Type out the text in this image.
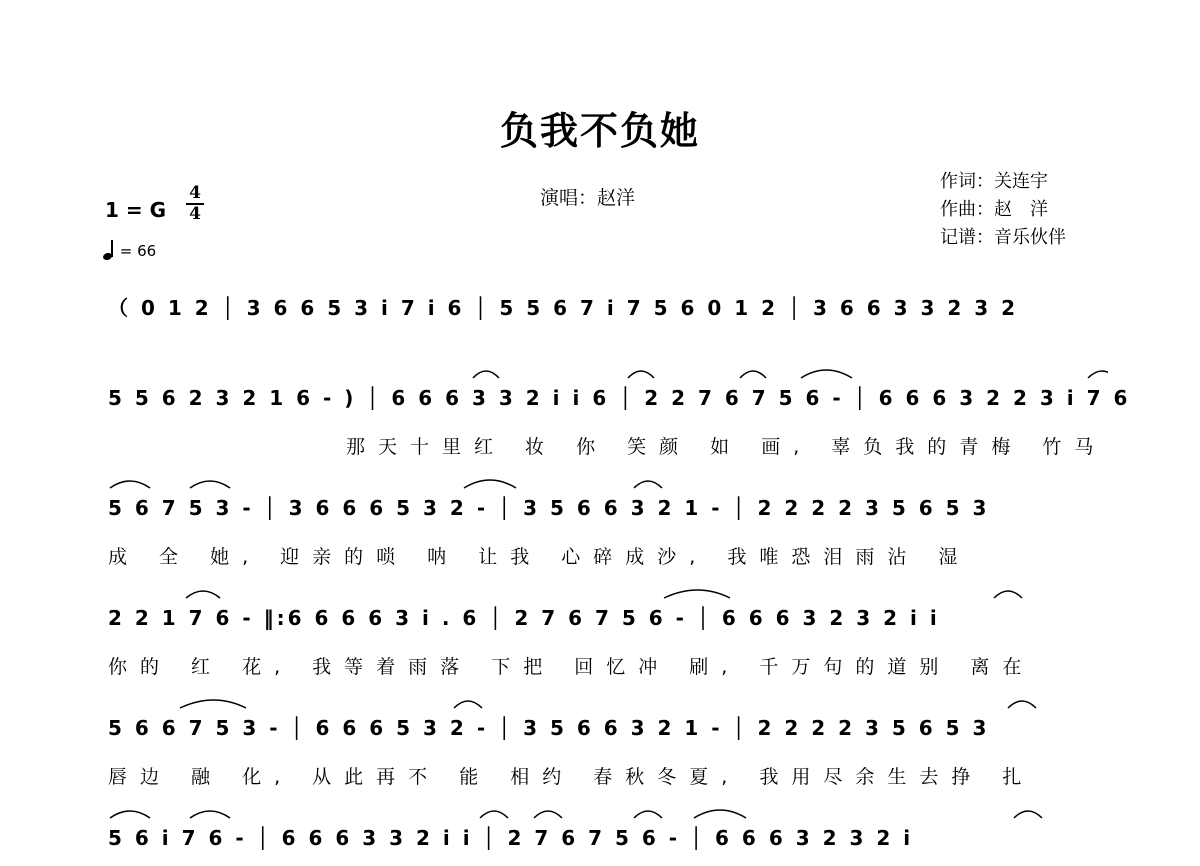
负我不负她
演唱：赵洋
作词：关连宇
作曲：赵　洋
记谱：音乐伙伴
1 = G
4
4
= 66
（ 0 1 2 │ 3 6 6 5 3 i 7 i 6 │ 5 5 6 7 i 7 5 6 0 1 2 │ 3 6 6 3 3 2 3 2
5 5 6 2 3 2 1 6 - ) │ 6 6 6 3 3 2 i i 6 │ 2 2 7 6 7 5 6 - │ 6 6 6 3 2 2 3 i 7 6
那天十里红 妆 你 笑颜 如 画, 辜负我的青梅 竹马
5 6 7 5 3 - │ 3 6 6 6 5 3 2 - │ 3 5 6 6 3 2 1 - │ 2 2 2 2 3 5 6 5 3
成 全 她, 迎亲的唢 呐 让我 心碎成沙, 我唯恐泪雨沾 湿
2 2 1 7 6 - ‖:6 6 6 6 3 i . 6 │ 2 7 6 7 5 6 - │ 6 6 6 3 2 3 2 i i
你的 红 花, 我等着雨落 下把 回忆冲 刷, 千万句的道别 离在
5 6 6 7 5 3 - │ 6 6 6 5 3 2 - │ 3 5 6 6 3 2 1 - │ 2 2 2 2 3 5 6 5 3
唇边 融 化, 从此再不 能 相约 春秋冬夏, 我用尽余生去挣 扎
5 6 i 7 6 - │ 6 6 6 3 3 2 i i │ 2 7 6 7 5 6 - │ 6 6 6 3 2 3 2 i
